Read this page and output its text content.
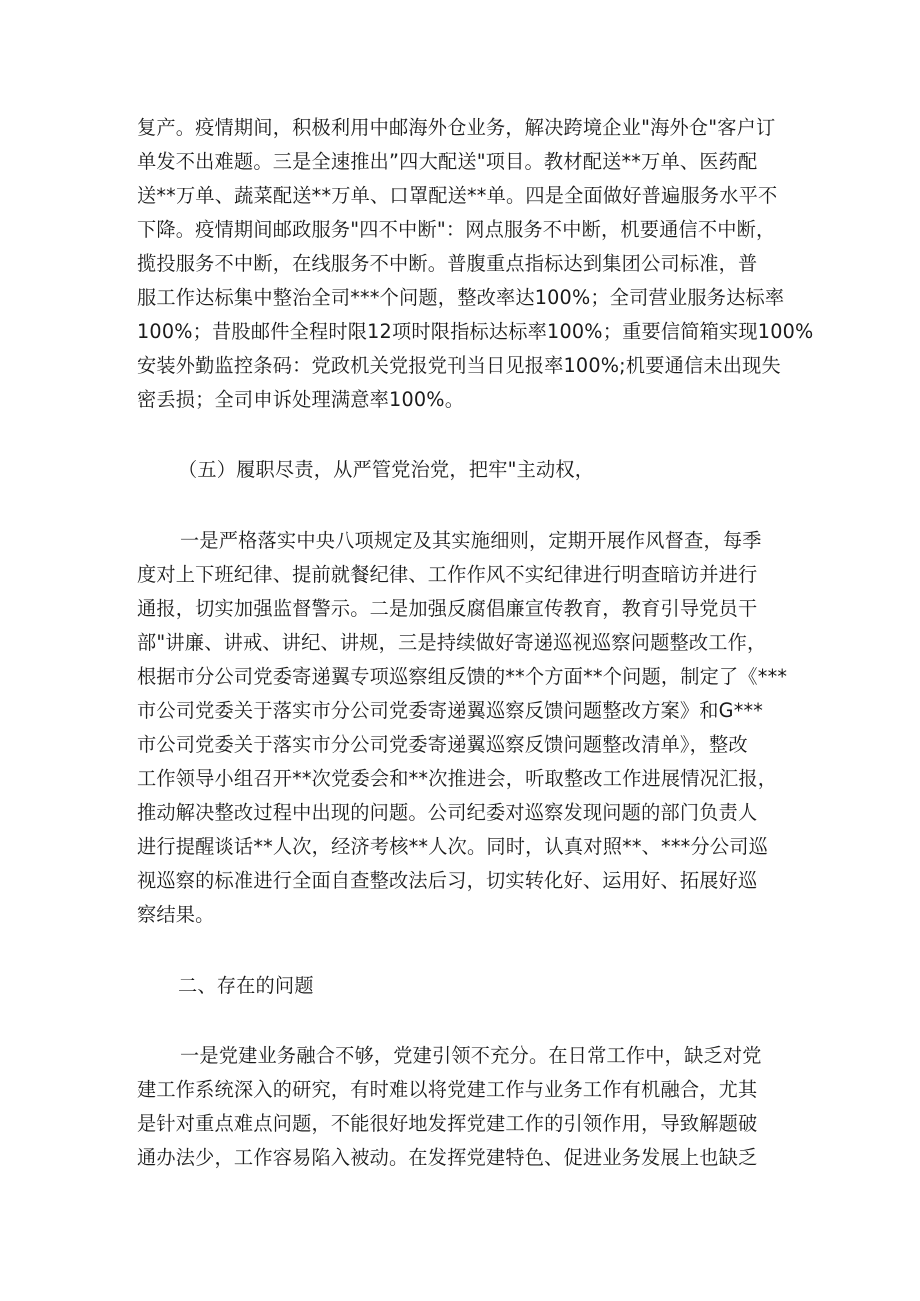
复产。疫情期间，积极利用中邮海外仓业务，解决跨境企业"海外仓"客户订
单发不出难题。三是全速推出”四大配送"项目。教材配送**万单、医药配
送**万单、蔬菜配送**万单、口罩配送**单。四是全面做好普遍服务水平不
下降。疫情期间邮政服务"四不中断"：网点服务不中断，机要通信不中断，
揽投服务不中断，在线服务不中断。普腹重点指标达到集团公司标准，普
服工作达标集中整治全司***个问题，整改率达100%；全司营业服务达标率
100%；昔股邮件全程时限12项时限指标达标率100%；重要信简箱实现100%
安装外勤监控条码：党政机关党报党刊当日见报率100%;机要通信未出现失
密丢损；全司申诉处理满意率100%。
（五）履职尽责，从严管党治党，把牢"主动权，
一是严格落实中央八项规定及其实施细则，定期开展作风督查，每季
度对上下班纪律、提前就餐纪律、工作作风不实纪律进行明查暗访并进行
通报，切实加强监督警示。二是加强反腐倡廉宣传教育，教育引导党员干
部"讲廉、讲戒、讲纪、讲规，三是持续做好寄递巡视巡察问题整改工作，
根据市分公司党委寄递翼专项巡察组反馈的**个方面**个问题，制定了《***
市公司党委关于落实市分公司党委寄递翼巡察反馈问题整改方案》和G***
市公司党委关于落实市分公司党委寄递翼巡察反馈问题整改清单》，整改
工作领导小组召开**次党委会和**次推进会，听取整改工作进展情况汇报，
推动解决整改过程中出现的问题。公司纪委对巡察发现问题的部门负责人
进行提醒谈话**人次，经济考核**人次。同时，认真对照**、***分公司巡
视巡察的标准进行全面自查整改法后习，切实转化好、运用好、拓展好巡
察结果。
二、存在的问题
一是党建业务融合不够，党建引领不充分。在日常工作中，缺乏对党
建工作系统深入的研究，有时难以将党建工作与业务工作有机融合，尤其
是针对重点难点问题，不能很好地发挥党建工作的引领作用，导致解题破
通办法少，工作容易陷入被动。在发挥党建特色、促进业务发展上也缺乏
